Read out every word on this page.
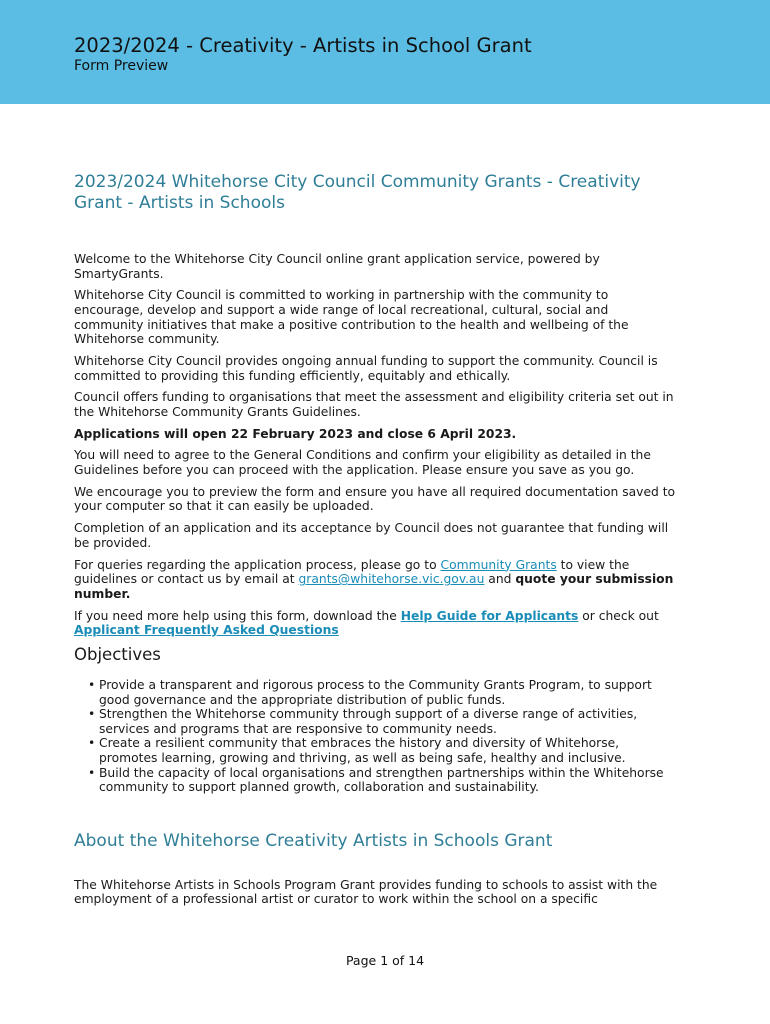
2023/2024 - Creativity - Artists in School Grant
Form Preview
2023/2024 Whitehorse City Council Community Grants - Creativity Grant - Artists in Schools

Welcome to the Whitehorse City Council online grant application service, powered by SmartyGrants.

Whitehorse City Council is committed to working in partnership with the community to encourage, develop and support a wide range of local recreational, cultural, social and community initiatives that make a positive contribution to the health and wellbeing of the Whitehorse community.

Whitehorse City Council provides ongoing annual funding to support the community. Council is committed to providing this funding efficiently, equitably and ethically.

Council offers funding to organisations that meet the assessment and eligibility criteria set out in the Whitehorse Community Grants Guidelines.

Applications will open 22 February 2023 and close 6 April 2023.

You will need to agree to the General Conditions and confirm your eligibility as detailed in the Guidelines before you can proceed with the application. Please ensure you save as you go.

We encourage you to preview the form and ensure you have all required documentation saved to your computer so that it can easily be uploaded.

Completion of an application and its acceptance by Council does not guarantee that funding will be provided.

For queries regarding the application process, please go to Community Grants to view the guidelines or contact us by email at grants@whitehorse.vic.gov.au and quote your submission number.

If you need more help using this form, download the Help Guide for Applicants or check out Applicant Frequently Asked Questions

Objectives
• Provide a transparent and rigorous process to the Community Grants Program, to support good governance and the appropriate distribution of public funds.
• Strengthen the Whitehorse community through support of a diverse range of activities, services and programs that are responsive to community needs.
• Create a resilient community that embraces the history and diversity of Whitehorse, promotes learning, growing and thriving, as well as being safe, healthy and inclusive.
• Build the capacity of local organisations and strengthen partnerships within the Whitehorse community to support planned growth, collaboration and sustainability.
About the Whitehorse Creativity Artists in Schools Grant

The Whitehorse Artists in Schools Program Grant provides funding to schools to assist with the employment of a professional artist or curator to work within the school on a specific

Page 1 of 14
